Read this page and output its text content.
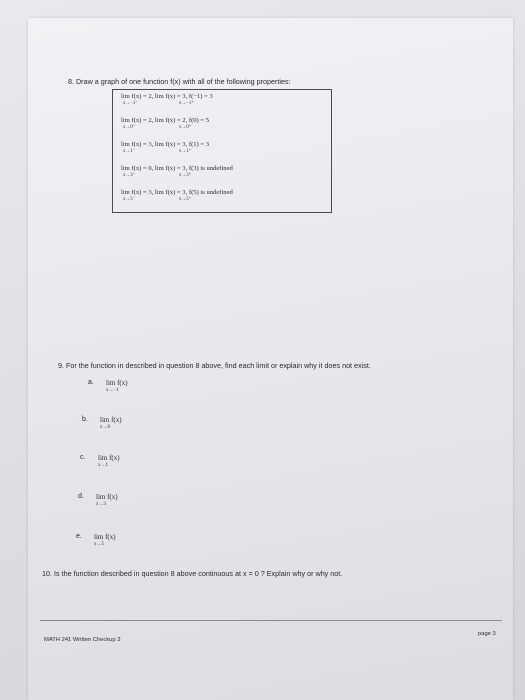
8. Draw a graph of one function f(x) with all of the following properties:
lim f(x) = 2, lim f(x) = 3, f(−1) = 3
x→−1⁻	x→−1⁺
lim f(x) = 2, lim f(x) = 2, f(0) = 5
x→0⁻	x→0⁺
lim f(x) = 3, lim f(x) = 3, f(1) = 3
x→1⁻	x→1⁺
lim f(x) = 0, lim f(x) = 3, f(3) is undefined
x→3⁻	x→3⁺
lim f(x) = 3, lim f(x) = 3, f(5) is undefined
x→5⁻	x→5⁺
9. For the function in described in question 8 above, find each limit or explain why it does not exist.
a. lim f(x)
x→−1
b. lim f(x)
x→0
c. lim f(x)
x→1
d. lim f(x)
x→3
e. lim f(x)
x→5
10. Is the function described in question 8 above continuous at x = 0 ? Explain why or why not.
MATH 241 Written Checkup 3
page 3
